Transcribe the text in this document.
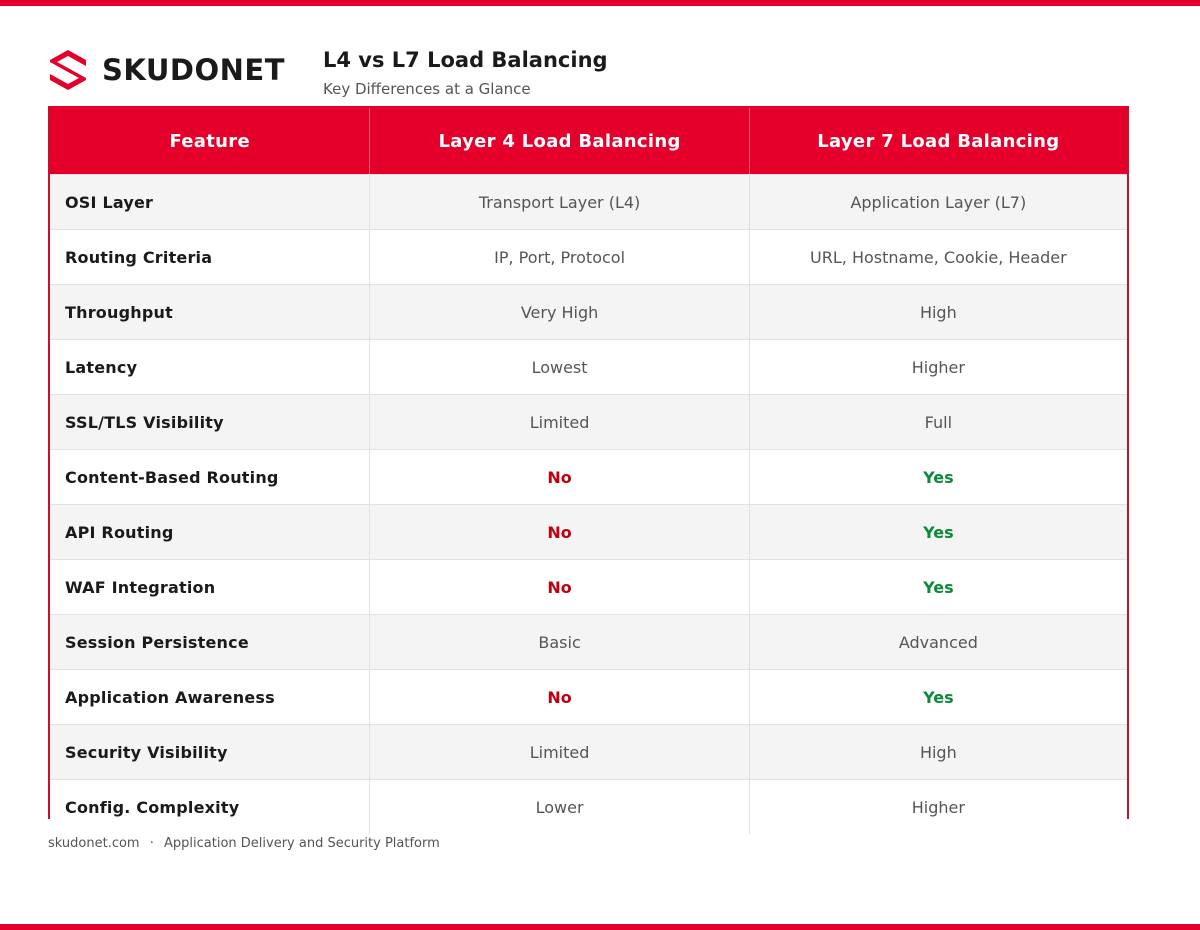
SKUDONET L4 vs L7 Load Balancing
Key Differences at a Glance
Feature	Layer 4 Load Balancing	Layer 7 Load Balancing
OSI Layer	Transport Layer (L4)	Application Layer (L7)
Routing Criteria	IP, Port, Protocol	URL, Hostname, Cookie, Header
Throughput	Very High	High
Latency	Lowest	Higher
SSL/TLS Visibility	Limited	Full
Content-Based Routing	No	Yes
API Routing	No	Yes
WAF Integration	No	Yes
Session Persistence	Basic	Advanced
Application Awareness	No	Yes
Security Visibility	Limited	High
Config. Complexity	Lower	Higher
skudonet.com · Application Delivery and Security Platform
